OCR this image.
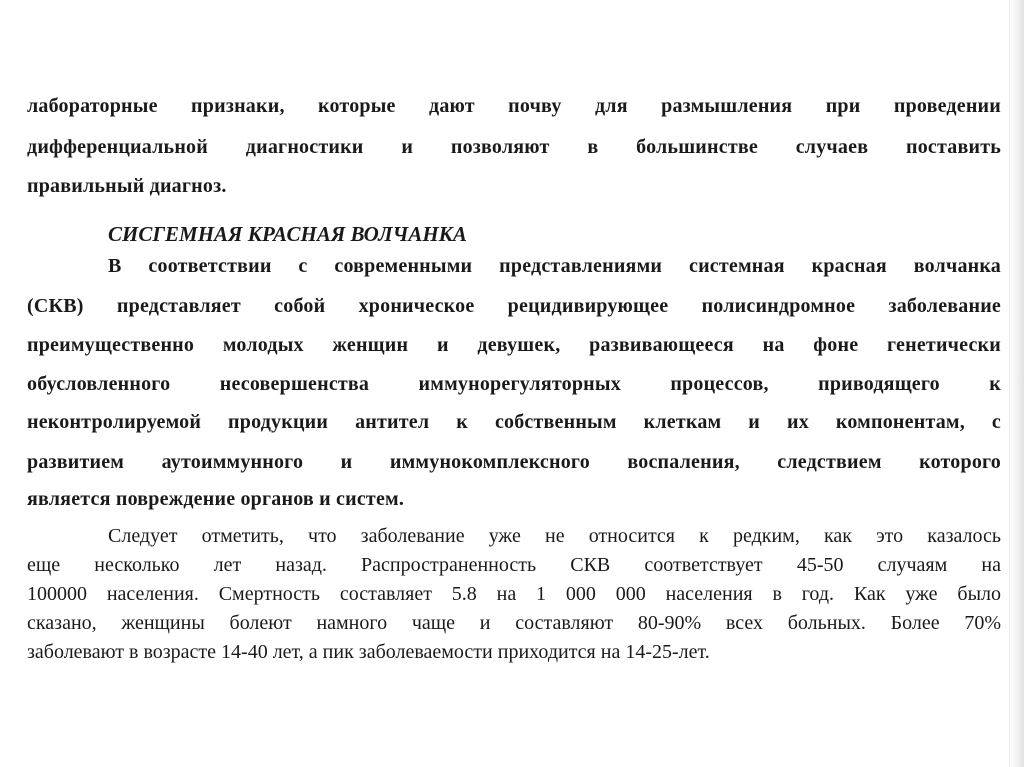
лабораторные признаки, которые дают почву для размышления при проведении
дифференциальной диагностики и позволяют в большинстве случаев поставить
правильный диагноз.
СИСГЕМНАЯ КРАСНАЯ ВОЛЧАНКА
В соответствии с современными представлениями системная красная волчанка
(СКВ) представляет собой хроническое рецидивирующее полисиндромное заболевание
преимущественно молодых женщин и девушек, развивающееся на фоне генетически
обусловленного несовершенства иммунорегуляторных процессов, приводящего к
неконтролируемой продукции антител к собственным клеткам и их компонентам, с
развитием аутоиммунного и иммунокомплексного воспаления, следствием которого
является повреждение органов и систем.
Следует отметить, что заболевание уже не относится к редким, как это казалось
еще несколько лет назад. Распространенность СКВ соответствует 45-50 случаям на
100000 населения. Смертность составляет 5.8 на 1 000 000 населения в год. Как уже было
сказано, женщины болеют намного чаще и составляют 80-90% всех больных. Более 70%
заболевают в возрасте 14-40 лет, а пик заболеваемости приходится на 14-25-лет.
